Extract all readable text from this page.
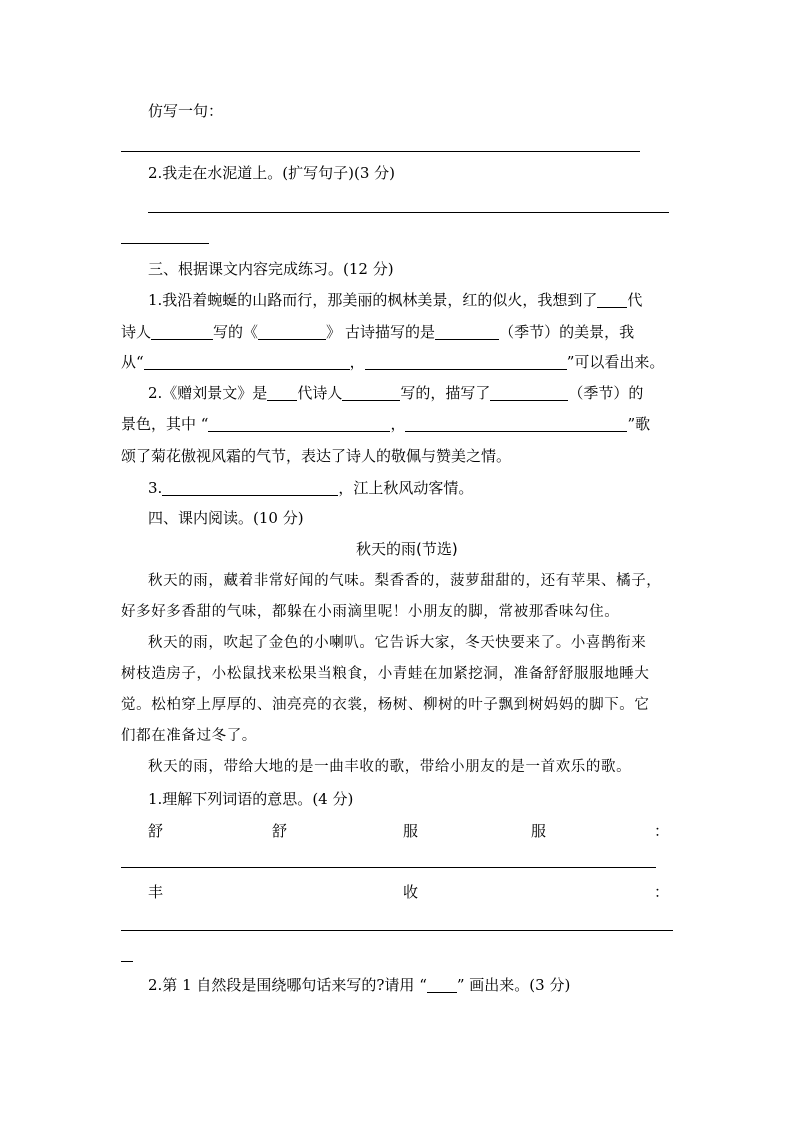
仿写一句：
2.我走在水泥道上。(扩写句子)(3 分)
三、根据课文内容完成练习。(12 分)
1.我沿着蜿蜒的山路而行，那美丽的枫林美景，红的似火，我想到了 代
诗人	写的《	》 古诗描写的是	（季节）的美景，我
从“	，	”可以看出来。
2.《赠刘景文》是 代诗人	写的，描写了	（季节）的
景色，其中 “	，	”歌
颂了菊花傲视风霜的气节，表达了诗人的敬佩与赞美之情。
3.	，江上秋风动客情。
四、课内阅读。(10 分)
秋天的雨(节选)
秋天的雨，藏着非常好闻的气味。梨香香的，菠萝甜甜的，还有苹果、橘子，
好多好多香甜的气味，都躲在小雨滴里呢！小朋友的脚，常被那香味勾住。
秋天的雨，吹起了金色的小喇叭。它告诉大家，冬天快要来了。小喜鹊衔来
树枝造房子，小松鼠找来松果当粮食，小青蛙在加紧挖洞，准备舒舒服服地睡大
觉。松柏穿上厚厚的、油亮亮的衣裳，杨树、柳树的叶子飘到树妈妈的脚下。它
们都在准备过冬了。
秋天的雨，带给大地的是一曲丰收的歌，带给小朋友的是一首欢乐的歌。
1.理解下列词语的意思。(4 分)
舒	舒	服	服	：
丰	收	：
2.第 1 自然段是围绕哪句话来写的?请用 “ ” 画出来。(3 分)
